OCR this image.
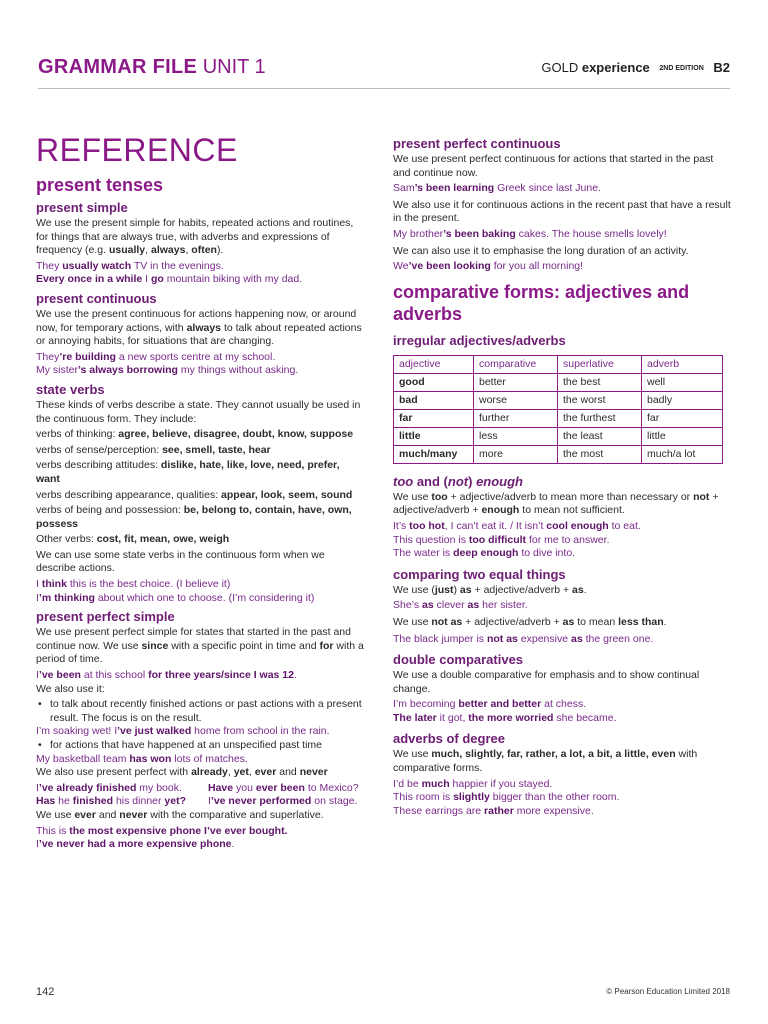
GRAMMAR FILE UNIT 1	GOLD experience 2ND EDITION B2
REFERENCE
present tenses
present simple

We use the present simple for habits, repeated actions and routines, for things that are always true, with adverbs and expressions of frequency (e.g. usually, always, often).

They usually watch TV in the evenings.

Every once in a while I go mountain biking with my dad.

present continuous

We use the present continuous for actions happening now, or around now, for temporary actions, with always to talk about repeated actions or annoying habits, for situations that are changing.

They’re building a new sports centre at my school.

My sister’s always borrowing my things without asking.

state verbs

These kinds of verbs describe a state. They cannot usually be used in the continuous form. They include:

verbs of thinking: agree, believe, disagree, doubt, know, suppose

verbs of sense/perception: see, smell, taste, hear

verbs describing attitudes: dislike, hate, like, love, need, prefer, want

verbs describing appearance, qualities: appear, look, seem, sound

verbs of being and possession: be, belong to, contain, have, own, possess

Other verbs: cost, fit, mean, owe, weigh

We can use some state verbs in the continuous form when we describe actions.

I think this is the best choice. (I believe it)

I’m thinking about which one to choose. (I’m considering it)

present perfect simple

We use present perfect simple for states that started in the past and continue now. We use since with a specific point in time and for with a period of time.

I’ve been at this school for three years/since I was 12.

We also use it:

• to talk about recently finished actions or past actions with a present result. The focus is on the result.

I’m soaking wet! I’ve just walked home from school in the rain.

• for actions that have happened at an unspecified past time

My basketball team has won lots of matches.

We also use present perfect with already, yet, ever and never

I’ve already finished my book.	Have you ever been to Mexico?
Has he finished his dinner yet?	I’ve never performed on stage.

We use ever and never with the comparative and superlative.

This is the most expensive phone I’ve ever bought.

I’ve never had a more expensive phone.

present perfect continuous

We use present perfect continuous for actions that started in the past and continue now.

Sam’s been learning Greek since last June.

We also use it for continuous actions in the recent past that have a result in the present.

My brother’s been baking cakes. The house smells lovely!

We can also use it to emphasise the long duration of an activity.

We’ve been looking for you all morning!

comparative forms: adjectives and adverbs
irregular adjectives/adverbs
adjective	comparative	superlative	adverb
good	better	the best	well
bad	worse	the worst	badly
far	further	the furthest	far
little	less	the least	little
much/many	more	the most	much/a lot
too and (not) enough

We use too + adjective/adverb to mean more than necessary or not + adjective/adverb + enough to mean not sufficient.

It’s too hot, I can’t eat it. / It isn’t cool enough to eat.

This question is too difficult for me to answer.

The water is deep enough to dive into.

comparing two equal things

We use (just) as + adjective/adverb + as.

She’s as clever as her sister.

We use not as + adjective/adverb + as to mean less than.

The black jumper is not as expensive as the green one.

double comparatives

We use a double comparative for emphasis and to show continual change.

I’m becoming better and better at chess.

The later it got, the more worried she became.

adverbs of degree

We use much, slightly, far, rather, a lot, a bit, a little, even with comparative forms.

I’d be much happier if you stayed.

This room is slightly bigger than the other room.

These earrings are rather more expensive.

142	© Pearson Education Limited 2018
